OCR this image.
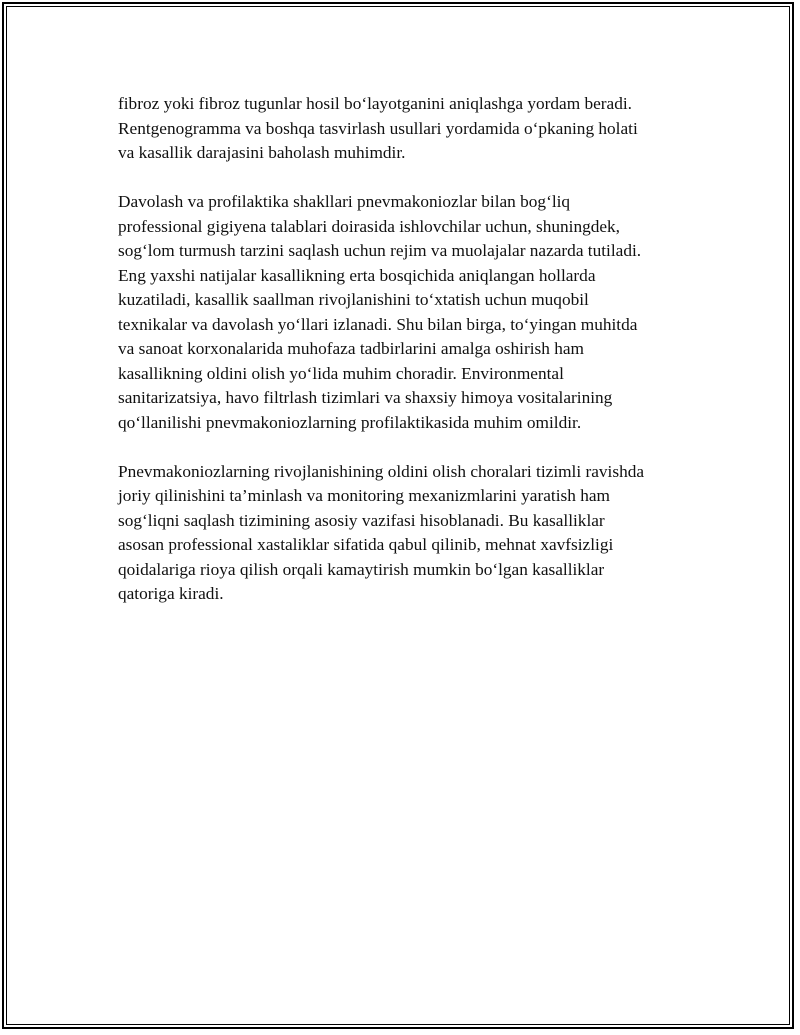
fibroz yoki fibroz tugunlar hosil bo‘layotganini aniqlashga yordam beradi.
Rentgenogramma va boshqa tasvirlash usullari yordamida o‘pkaning holati
va kasallik darajasini baholash muhimdir.

Davolash va profilaktika shakllari pnevmakoniozlar bilan bog‘liq
professional gigiyena talablari doirasida ishlovchilar uchun, shuningdek,
sog‘lom turmush tarzini saqlash uchun rejim va muolajalar nazarda tutiladi.
Eng yaxshi natijalar kasallikning erta bosqichida aniqlangan hollarda
kuzatiladi, kasallik saallman rivojlanishini to‘xtatish uchun muqobil
texnikalar va davolash yo‘llari izlanadi. Shu bilan birga, to‘yingan muhitda
va sanoat korxonalarida muhofaza tadbirlarini amalga oshirish ham
kasallikning oldini olish yo‘lida muhim choradir. Environmental
sanitarizatsiya, havo filtrlash tizimlari va shaxsiy himoya vositalarining
qo‘llanilishi pnevmakoniozlarning profilaktikasida muhim omildir.

Pnevmakoniozlarning rivojlanishining oldini olish choralari tizimli ravishda
joriy qilinishini ta’minlash va monitoring mexanizmlarini yaratish ham
sog‘liqni saqlash tizimining asosiy vazifasi hisoblanadi. Bu kasalliklar
asosan professional xastaliklar sifatida qabul qilinib, mehnat xavfsizligi
qoidalariga rioya qilish orqali kamaytirish mumkin bo‘lgan kasalliklar
qatoriga kiradi.
